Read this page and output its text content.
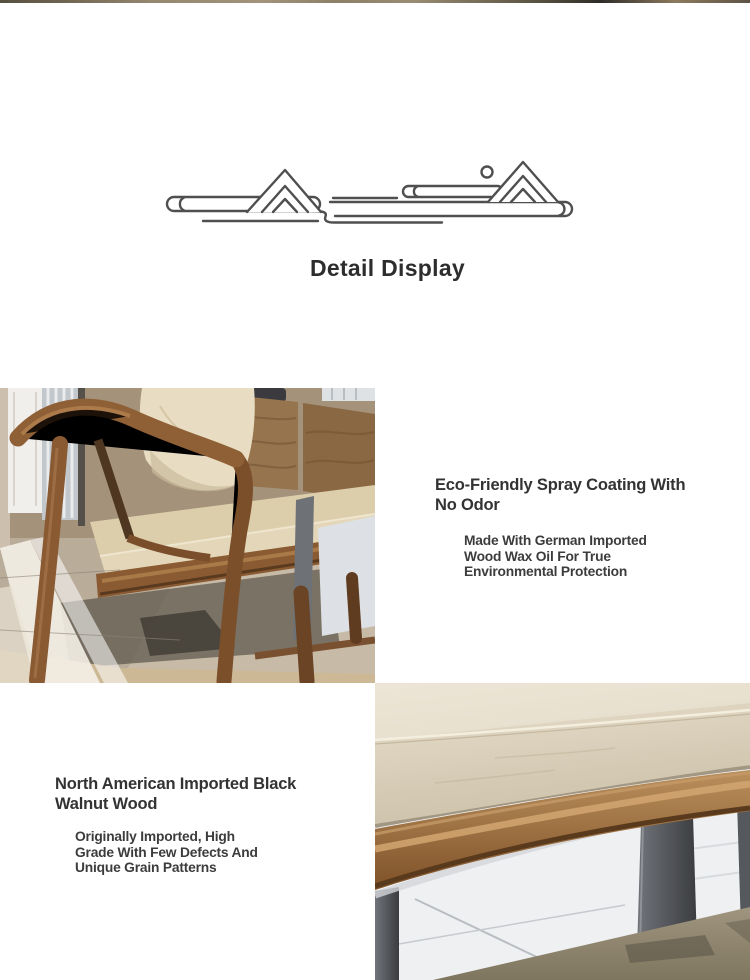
Detail Display
Eco-Friendly Spray Coating With
No Odor
Made With German Imported
Wood Wax Oil For True
Environmental Protection
North American Imported Black
Walnut Wood
Originally Imported, High
Grade With Few Defects And
Unique Grain Patterns
